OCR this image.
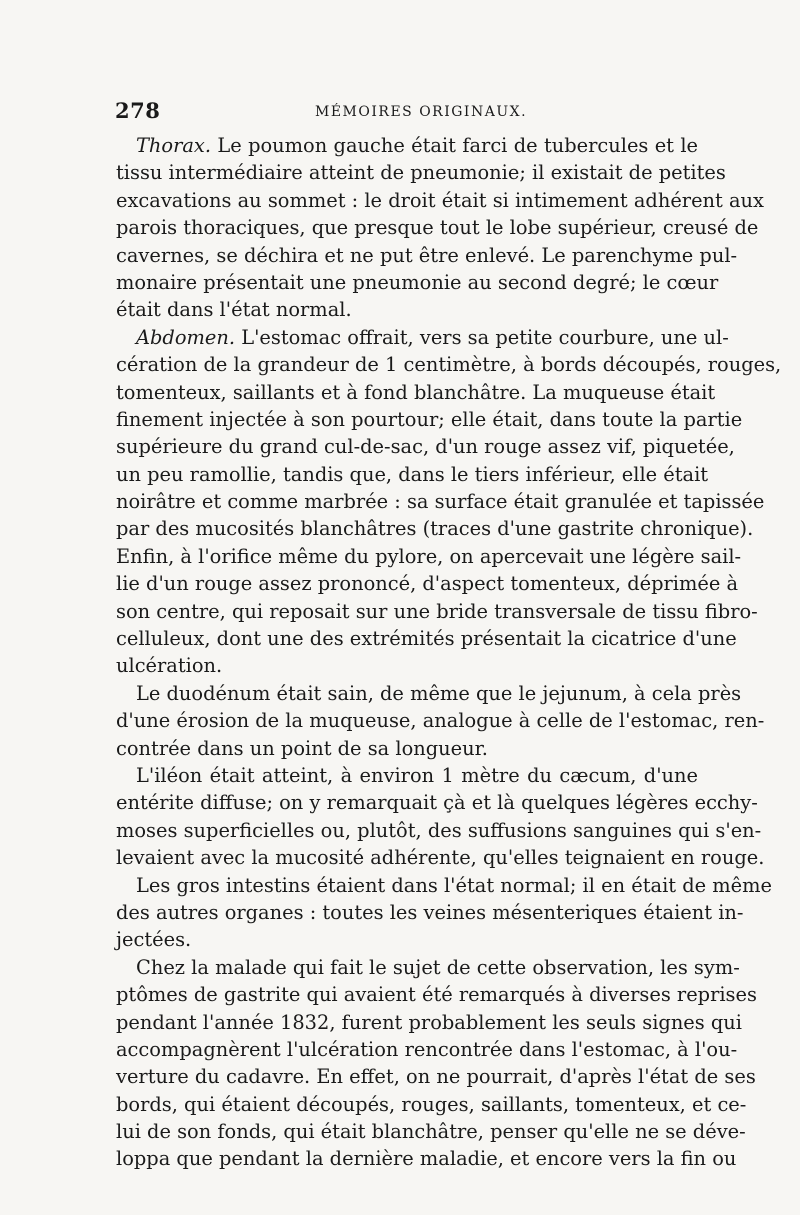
278	MÉMOIRES ORIGINAUX.
Thorax. Le poumon gauche était farci de tubercules et le
tissu intermédiaire atteint de pneumonie; il existait de petites
excavations au sommet : le droit était si intimement adhérent aux
parois thoraciques, que presque tout le lobe supérieur, creusé de
cavernes, se déchira et ne put être enlevé. Le parenchyme pul-
monaire présentait une pneumonie au second degré; le cœur
était dans l'état normal.
Abdomen. L'estomac offrait, vers sa petite courbure, une ul-
cération de la grandeur de 1 centimètre, à bords découpés, rouges,
tomenteux, saillants et à fond blanchâtre. La muqueuse était
finement injectée à son pourtour; elle était, dans toute la partie
supérieure du grand cul-de-sac, d'un rouge assez vif, piquetée,
un peu ramollie, tandis que, dans le tiers inférieur, elle était
noirâtre et comme marbrée : sa surface était granulée et tapissée
par des mucosités blanchâtres (traces d'une gastrite chronique).
Enfin, à l'orifice même du pylore, on apercevait une légère sail-
lie d'un rouge assez prononcé, d'aspect tomenteux, déprimée à
son centre, qui reposait sur une bride transversale de tissu fibro-
celluleux, dont une des extrémités présentait la cicatrice d'une
ulcération.
Le duodénum était sain, de même que le jejunum, à cela près
d'une érosion de la muqueuse, analogue à celle de l'estomac, ren-
contrée dans un point de sa longueur.
L'iléon était atteint, à environ 1 mètre du cæcum, d'une
entérite diffuse; on y remarquait çà et là quelques légères ecchy-
moses superficielles ou, plutôt, des suffusions sanguines qui s'en-
levaient avec la mucosité adhérente, qu'elles teignaient en rouge.
Les gros intestins étaient dans l'état normal; il en était de même
des autres organes : toutes les veines mésenteriques étaient in-
jectées.
Chez la malade qui fait le sujet de cette observation, les sym-
ptômes de gastrite qui avaient été remarqués à diverses reprises
pendant l'année 1832, furent probablement les seuls signes qui
accompagnèrent l'ulcération rencontrée dans l'estomac, à l'ou-
verture du cadavre. En effet, on ne pourrait, d'après l'état de ses
bords, qui étaient découpés, rouges, saillants, tomenteux, et ce-
lui de son fonds, qui était blanchâtre, penser qu'elle ne se déve-
loppa que pendant la dernière maladie, et encore vers la fin ou
